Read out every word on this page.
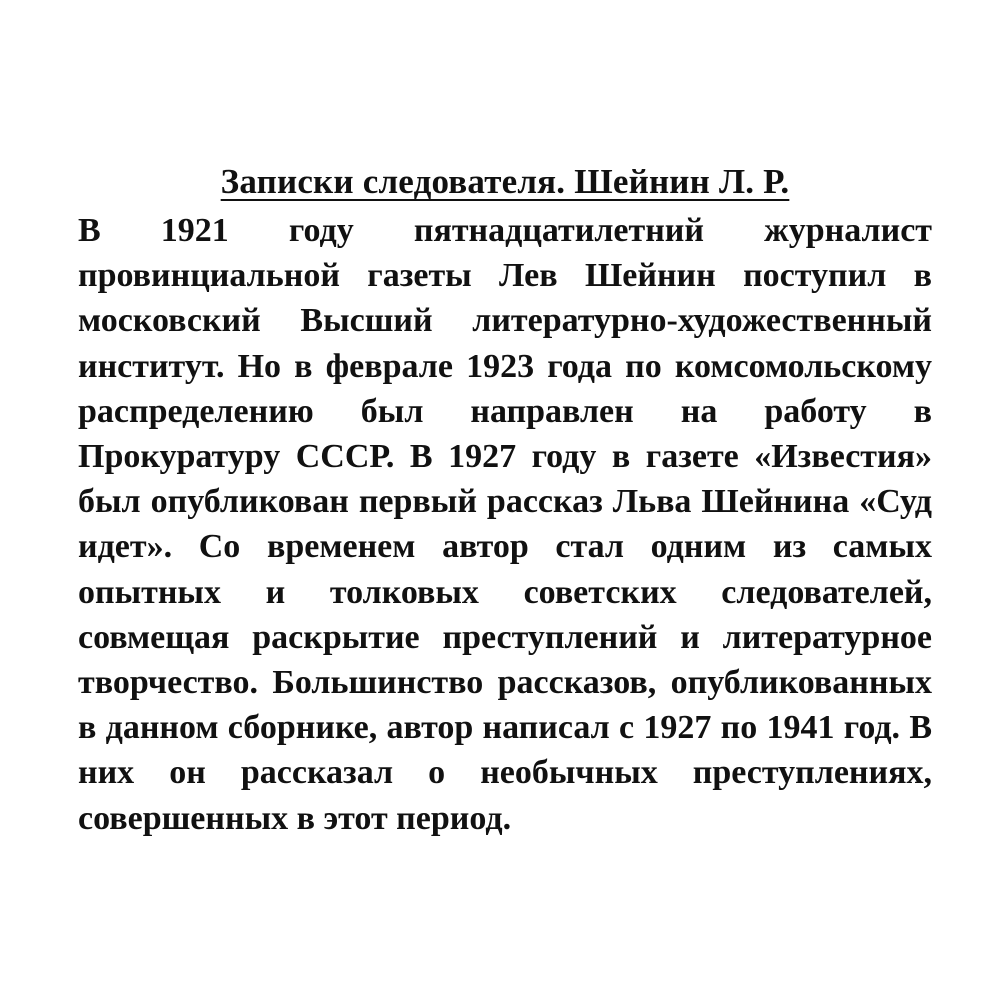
Записки следователя. Шейнин Л. Р.

В 1921 году пятнадцатилетний журналист провинциальной газеты Лев Шейнин поступил в московский Высший литературно-художественный институт. Но в феврале 1923 года по комсомольскому распределению был направлен на работу в Прокуратуру СССР. В 1927 году в газете «Известия» был опубликован первый рассказ Льва Шейнина «Суд идет». Со временем автор стал одним из самых опытных и толковых советских следователей, совмещая раскрытие преступлений и литературное творчество. Большинство рассказов, опубликованных в данном сборнике, автор написал с 1927 по 1941 год. В них он рассказал о необычных преступлениях, совершенных в этот период.
